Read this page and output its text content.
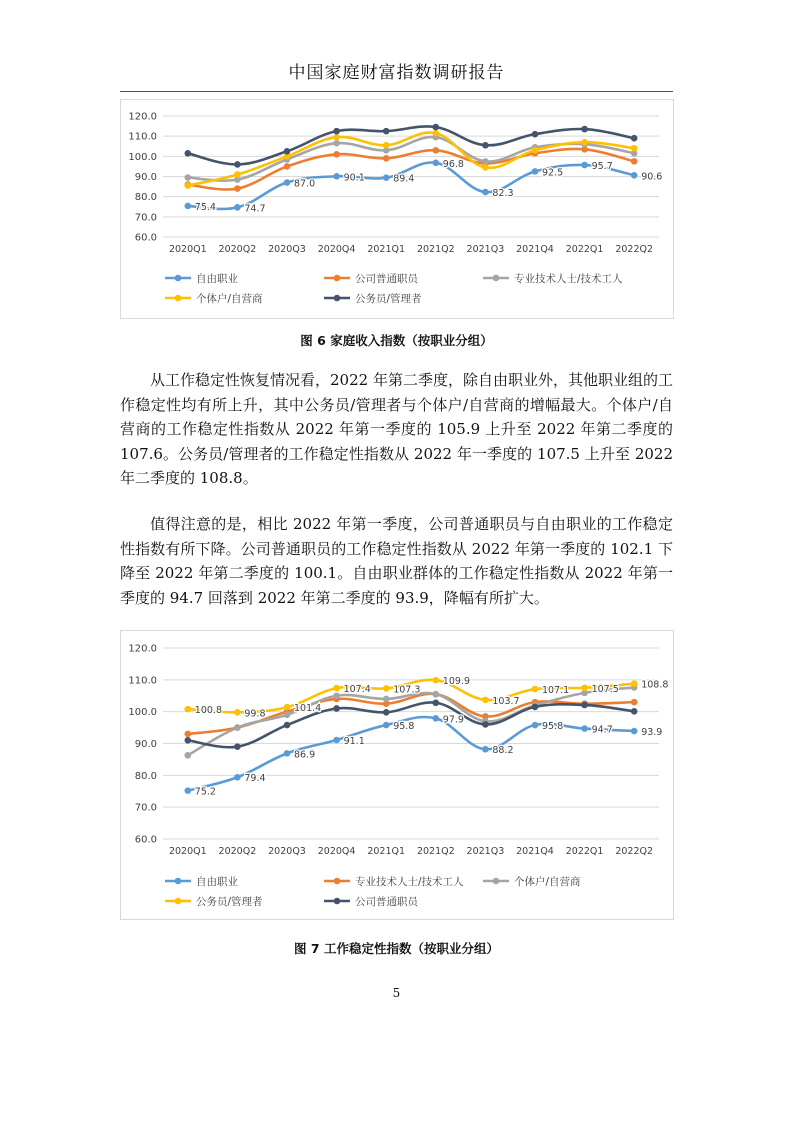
中国家庭财富指数调研报告
60.0
70.0
80.0
90.0
100.0
110.0
120.0
2020Q1 2020Q2 2020Q3 2020Q4 2021Q1 2021Q2 2021Q3 2021Q4 2022Q1 2022Q2
75.4	74.7
87.0
90.1	89.4
96.8
82.3
92.5
95.7
90.6
自由职业	公司普通职员	专业技术人士/技术工人
个体户/自营商	公务员/管理者
图 6 家庭收入指数（按职业分组）

从工作稳定性恢复情况看，2022 年第二季度，除自由职业外，其他职业组的工作稳定性均有所上升，其中公务员/管理者与个体户/自营商的增幅最大。个体户/自营商的工作稳定性指数从 2022 年第一季度的 105.9 上升至 2022 年第二季度的 107.6。公务员/管理者的工作稳定性指数从 2022 年一季度的 107.5 上升至 2022 年二季度的 108.8。

值得注意的是，相比 2022 年第一季度，公司普通职员与自由职业的工作稳定性指数有所下降。公司普通职员的工作稳定性指数从 2022 年第一季度的 102.1 下降至 2022 年第二季度的 100.1。自由职业群体的工作稳定性指数从 2022 年第一季度的 94.7 回落到 2022 年第二季度的 93.9，降幅有所扩大。

60.0
70.0
80.0
90.0
100.0
110.0
120.0
2020Q1 2020Q2 2020Q3 2020Q4 2021Q1 2021Q2 2021Q3 2021Q4 2022Q1 2022Q2
75.2
79.4
86.9
91.1
95.8
97.9
88.2
95.8	94.7	93.9
100.8 99.8	101.4
107.4 107.3
109.9
103.7
107.1 107.5 108.8
自由职业	专业技术人士/技术工人	个体户/自营商
公务员/管理者	公司普通职员
图 7 工作稳定性指数（按职业分组）
5
